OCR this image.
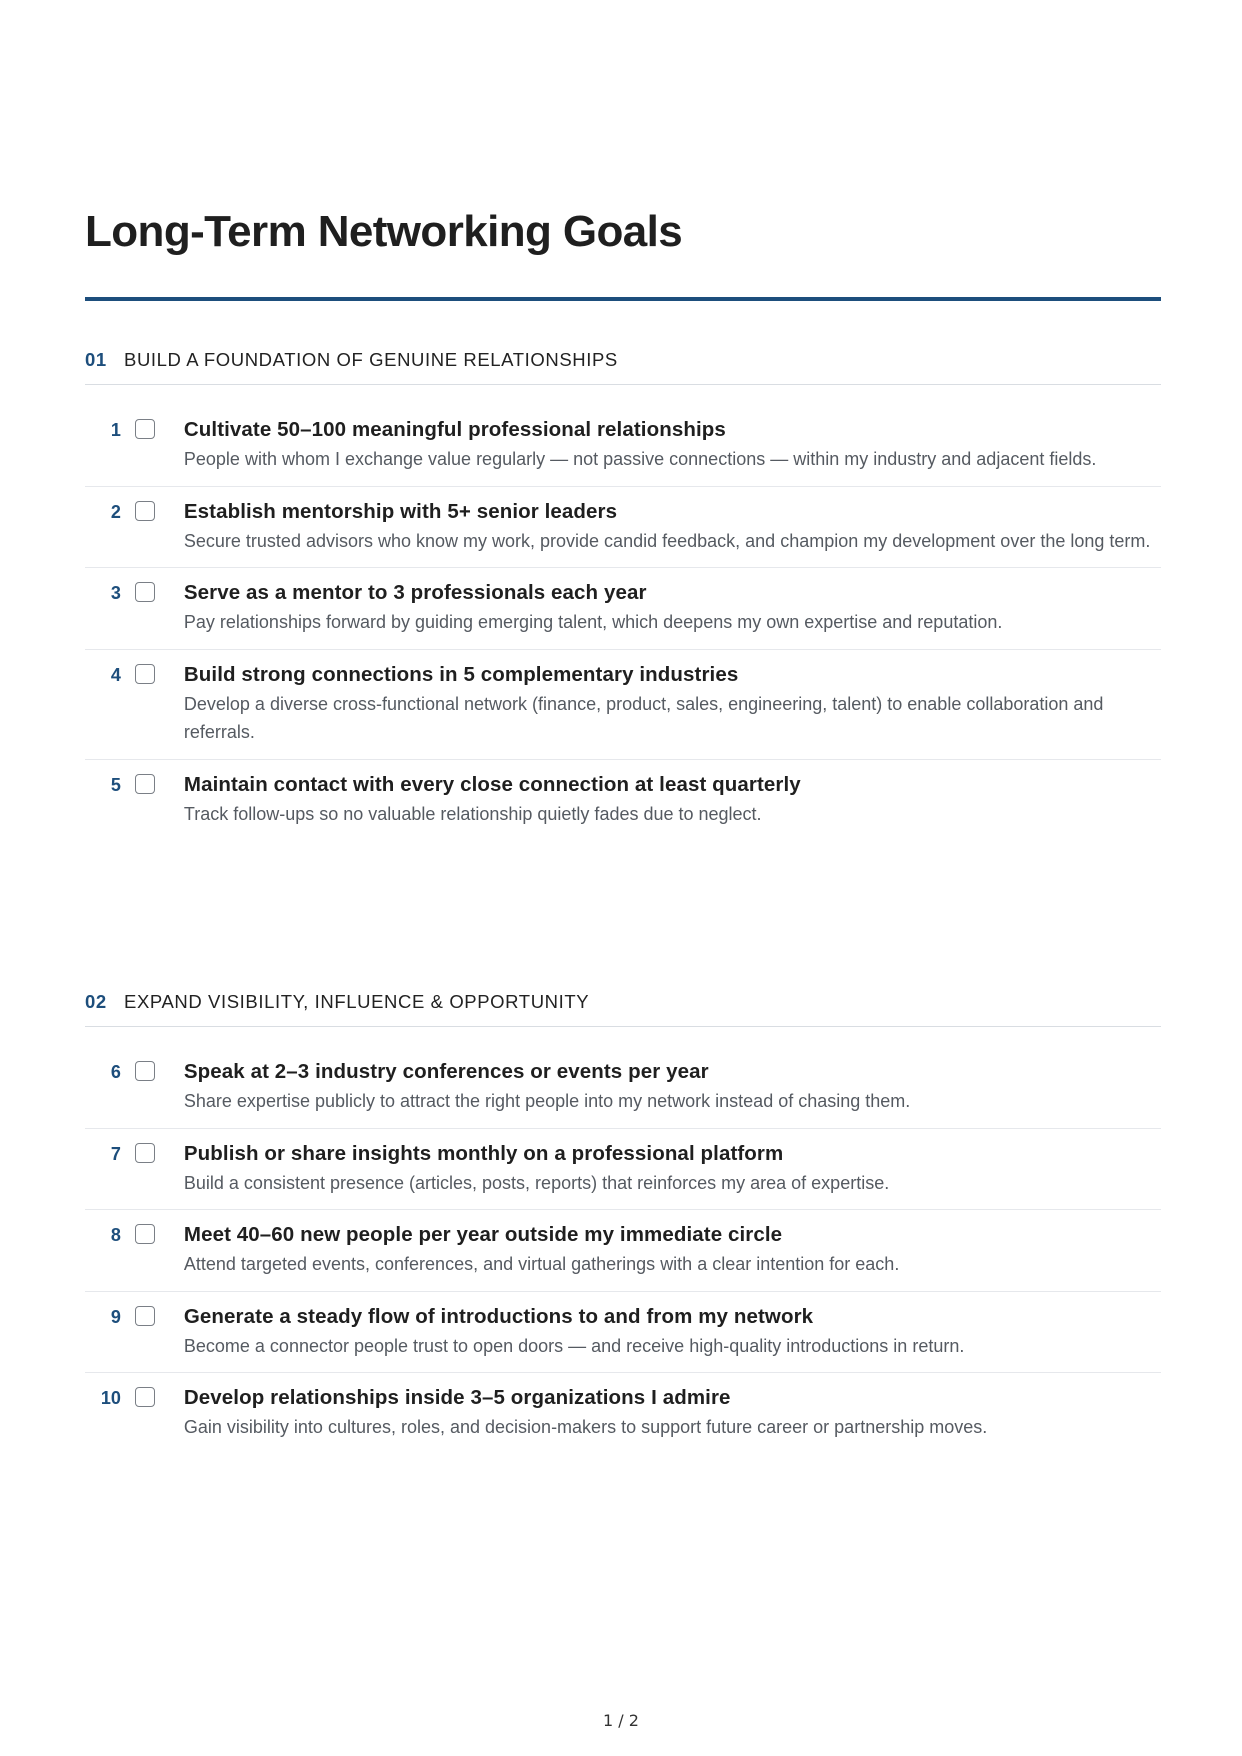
Long-Term Networking Goals
01 BUILD A FOUNDATION OF GENUINE RELATIONSHIPS
1	Cultivate 50–100 meaningful professional relationships
People with whom I exchange value regularly — not passive connections — within my industry and adjacent fields.
2	Establish mentorship with 5+ senior leaders
Secure trusted advisors who know my work, provide candid feedback, and champion my development over the long term.
3	Serve as a mentor to 3 professionals each year
Pay relationships forward by guiding emerging talent, which deepens my own expertise and reputation.
4	Build strong connections in 5 complementary industries
Develop a diverse cross-functional network (finance, product, sales, engineering, talent) to enable collaboration and referrals.
5	Maintain contact with every close connection at least quarterly
Track follow-ups so no valuable relationship quietly fades due to neglect.
02 EXPAND VISIBILITY, INFLUENCE & OPPORTUNITY
6	Speak at 2–3 industry conferences or events per year
Share expertise publicly to attract the right people into my network instead of chasing them.
7	Publish or share insights monthly on a professional platform
Build a consistent presence (articles, posts, reports) that reinforces my area of expertise.
8	Meet 40–60 new people per year outside my immediate circle
Attend targeted events, conferences, and virtual gatherings with a clear intention for each.
9	Generate a steady flow of introductions to and from my network
Become a connector people trust to open doors — and receive high-quality introductions in return.
10	Develop relationships inside 3–5 organizations I admire
Gain visibility into cultures, roles, and decision-makers to support future career or partnership moves.
1 / 2
